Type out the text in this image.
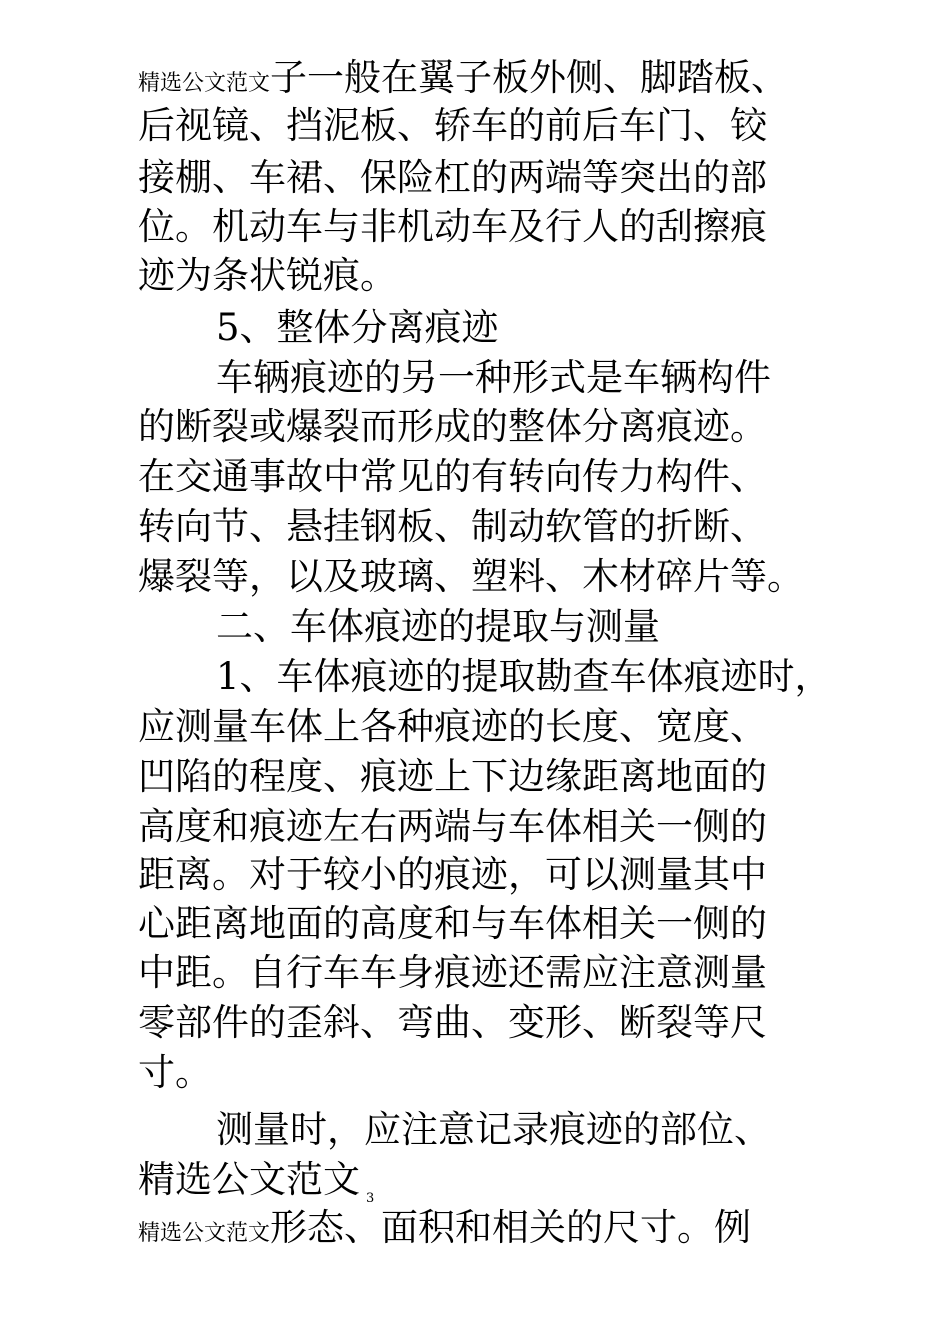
精选公文范文子一般在翼子板外侧、脚踏板、
后视镜、挡泥板、轿车的前后车门、铰
接棚、车裙、保险杠的两端等突出的部
位。机动车与非机动车及行人的刮擦痕
迹为条状锐痕。
5、整体分离痕迹
车辆痕迹的另一种形式是车辆构件
的断裂或爆裂而形成的整体分离痕迹。
在交通事故中常见的有转向传力构件、
转向节、悬挂钢板、制动软管的折断、
爆裂等，以及玻璃、塑料、木材碎片等。
二、车体痕迹的提取与测量
1、车体痕迹的提取勘查车体痕迹时，
应测量车体上各种痕迹的长度、宽度、
凹陷的程度、痕迹上下边缘距离地面的
高度和痕迹左右两端与车体相关一侧的
距离。对于较小的痕迹，可以测量其中
心距离地面的高度和与车体相关一侧的
中距。自行车车身痕迹还需应注意测量
零部件的歪斜、弯曲、变形、断裂等尺
寸。
测量时，应注意记录痕迹的部位、
精选公文范文 $_3$
精选公文范文形态、面积和相关的尺寸。例
